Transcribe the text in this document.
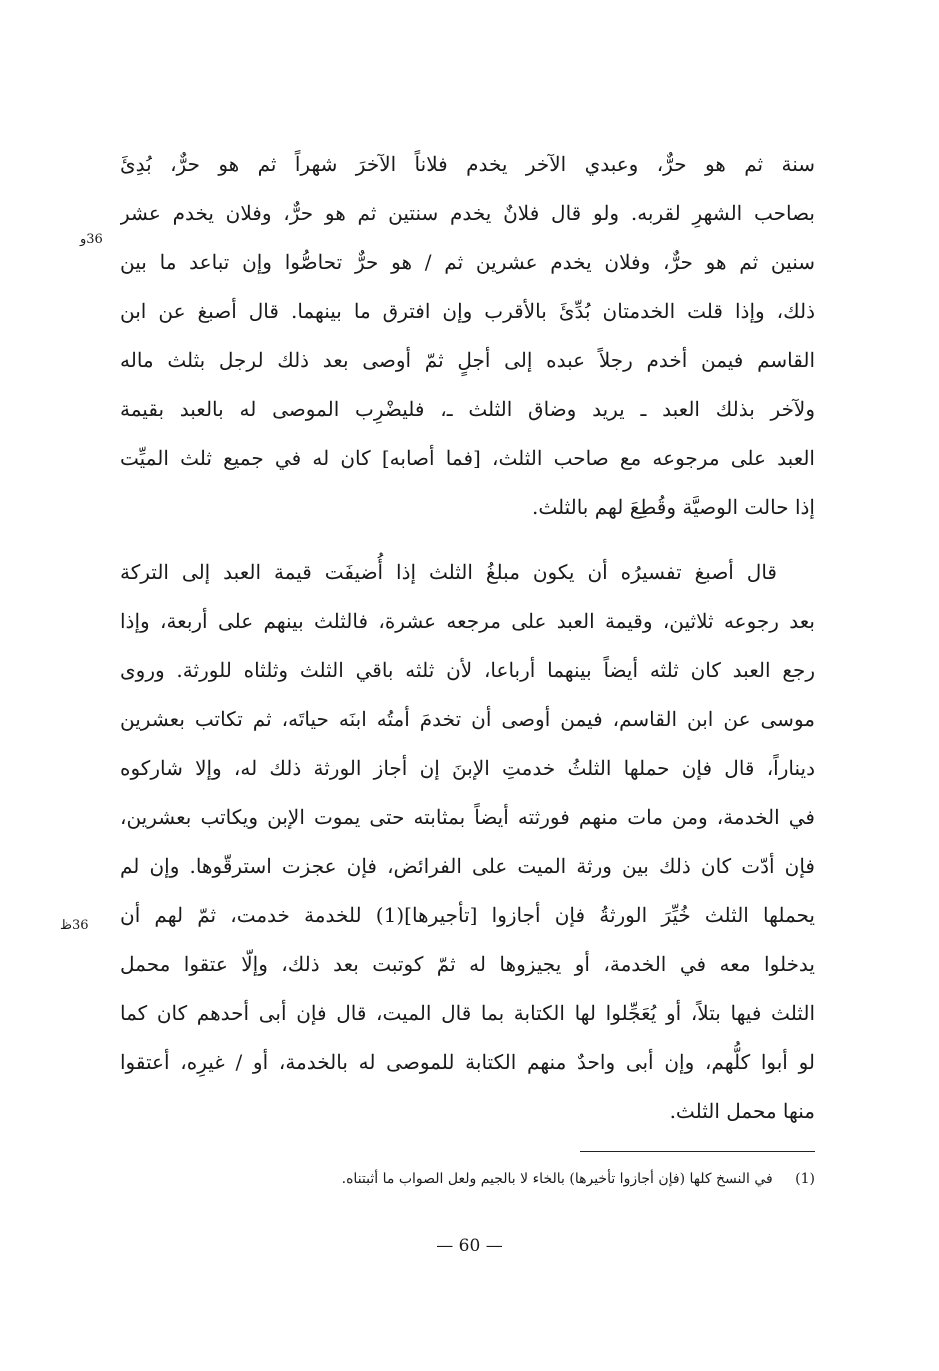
سنة ثم هو حرٌّ، وعبدي الآخر يخدم فلاناً الآخرَ شهراً ثم هو حرٌّ، بُدِئَ
بصاحب الشهرِ لقربه. ولو قال فلانٌ يخدم سنتين ثم هو حرٌّ، وفلان يخدم عشر
سنين ثم هو حرٌّ، وفلان يخدم عشرين ثم / هو حرٌّ تحاصُّوا وإن تباعد ما بين
ذلك، وإذا قلت الخدمتان بُدِّئَ بالأقرب وإن افترق ما بينهما. قال أصبغ عن ابن
القاسم فيمن أخدم رجلاً عبده إلى أجلٍ ثمّ أوصى بعد ذلك لرجل بثلث ماله
ولآخر بذلك العبد ـ يريد وضاق الثلث ـ، فليضْرِب الموصى له بالعبد بقيمة
العبد على مرجوعه مع صاحب الثلث، [فما أصابه] كان له في جميع ثلث الميِّت
إذا حالت الوصيَّة وقُطِعَ لهم بالثلث.
قال أصبغ تفسيرُه أن يكون مبلغُ الثلث إذا أُضيفَت قيمة العبد إلى التركة
بعد رجوعه ثلاثين، وقيمة العبد على مرجعه عشرة، فالثلث بينهم على أربعة، وإذا
رجع العبد كان ثلثه أيضاً بينهما أرباعا، لأن ثلثه باقي الثلث وثلثاه للورثة. وروى
موسى عن ابن القاسم، فيمن أوصى أن تخدمَ أمتُه ابنَه حياتَه، ثم تكاتب بعشرين
ديناراً، قال فإن حملها الثلثُ خدمتِ الإبنَ إن أجاز الورثة ذلك له، وإلا شاركوه
في الخدمة، ومن مات منهم فورثته أيضاً بمثابته حتى يموت الإبن ويكاتب بعشرين،
فإن أدّت كان ذلك بين ورثة الميت على الفرائض، فإن عجزت استرقّوها. وإن لم
يحملها الثلث خُيِّرَ الورثةُ فإن أجازوا [تأجيرها](1) للخدمة خدمت، ثمّ لهم أن
يدخلوا معه في الخدمة، أو يجيزوها له ثمّ كوتبت بعد ذلك، وإلّا عتقوا محمل
الثلث فيها بتلاً، أو يُعَجِّلوا لها الكتابة بما قال الميت، قال فإن أبى أحدهم كان كما
لو أبوا كلُّهم، وإن أبى واحدٌ منهم الكتابة للموصى له بالخدمة، أو / غيرِه، أعتقوا
منها محمل الثلث.
36و
36ظ
(1) في النسخ كلها (فإن أجازوا تأخيرها) بالخاء لا بالجيم ولعل الصواب ما أثبتناه.
— 60 —
